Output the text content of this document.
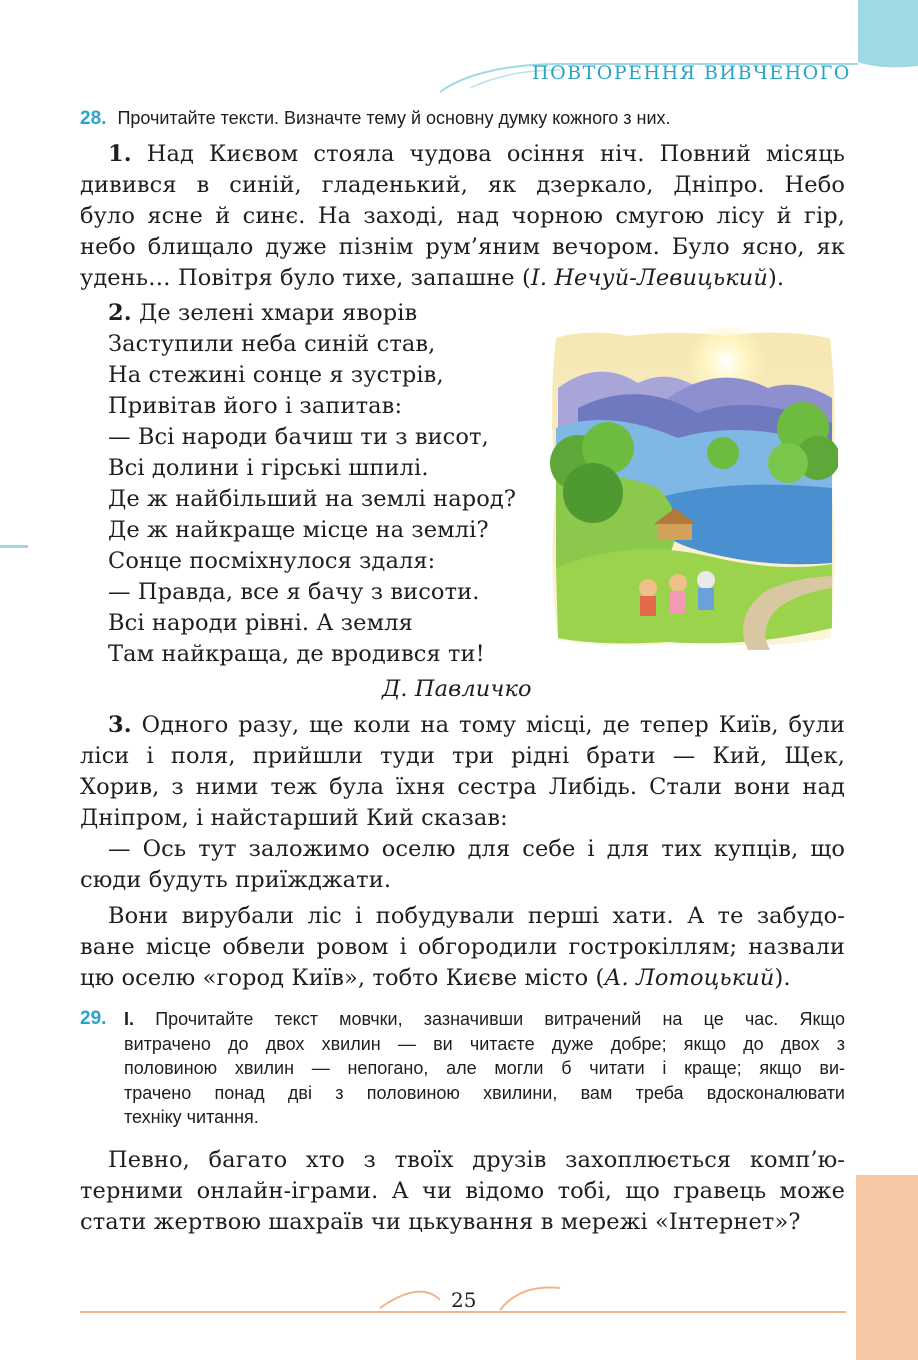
ПОВТОРЕННЯ ВИВЧЕНОГО
28. Прочитайте тексти. Визначте тему й основну думку кожного з них.
1. Над Києвом стояла чудова осіння ніч. Повний місяць
дивився в синій, гладенький, як дзеркало, Дніпро. Небо
було ясне й синє. На заході, над чорною смугою лісу й гір,
небо блищало дуже пізнім рум’яним вечором. Було ясно, як
удень… Повітря було тихе, запашне (І. Нечуй-Левицький).
2. Де зелені хмари яворів
Заступили неба синій став,
На стежині сонце я зустрів,
Привітав його і запитав:
— Всі народи бачиш ти з висот,
Всі долини і гірські шпилі.
Де ж найбільший на землі народ?
Де ж найкраще місце на землі?
Сонце посміхнулося здаля:
— Правда, все я бачу з висоти.
Всі народи рівні. А земля
Там найкраща, де вродився ти!
Д. Павличко
3. Одного разу, ще коли на тому місці, де тепер Київ, були
ліси і поля, прийшли туди три рідні брати — Кий, Щек,
Хорив, з ними теж була їхня сестра Либідь. Стали вони над
Дніпром, і найстарший Кий сказав:
— Ось тут заложимо оселю для себе і для тих купців, що
сюди будуть приїжджати.
Вони вирубали ліс і побудували перші хати. А те забудо-
ване місце обвели ровом і обгородили гострокіллям; назвали
цю оселю «город Київ», тобто Києве місто (А. Лотоцький).
29. I. Прочитайте текст мовчки, зазначивши витрачений на це час. Якщо
витрачено до двох хвилин — ви читаєте дуже добре; якщо до двох з
половиною хвилин — непогано, але могли б читати і краще; якщо ви-
трачено понад дві з половиною хвилини, вам треба вдосконалювати
техніку читання.
Певно, багато хто з твоїх друзів захоплюється комп’ю-
терними онлайн-іграми. А чи відомо тобі, що гравець може
стати жертвою шахраїв чи цькування в мережі «Інтернет»?
25
